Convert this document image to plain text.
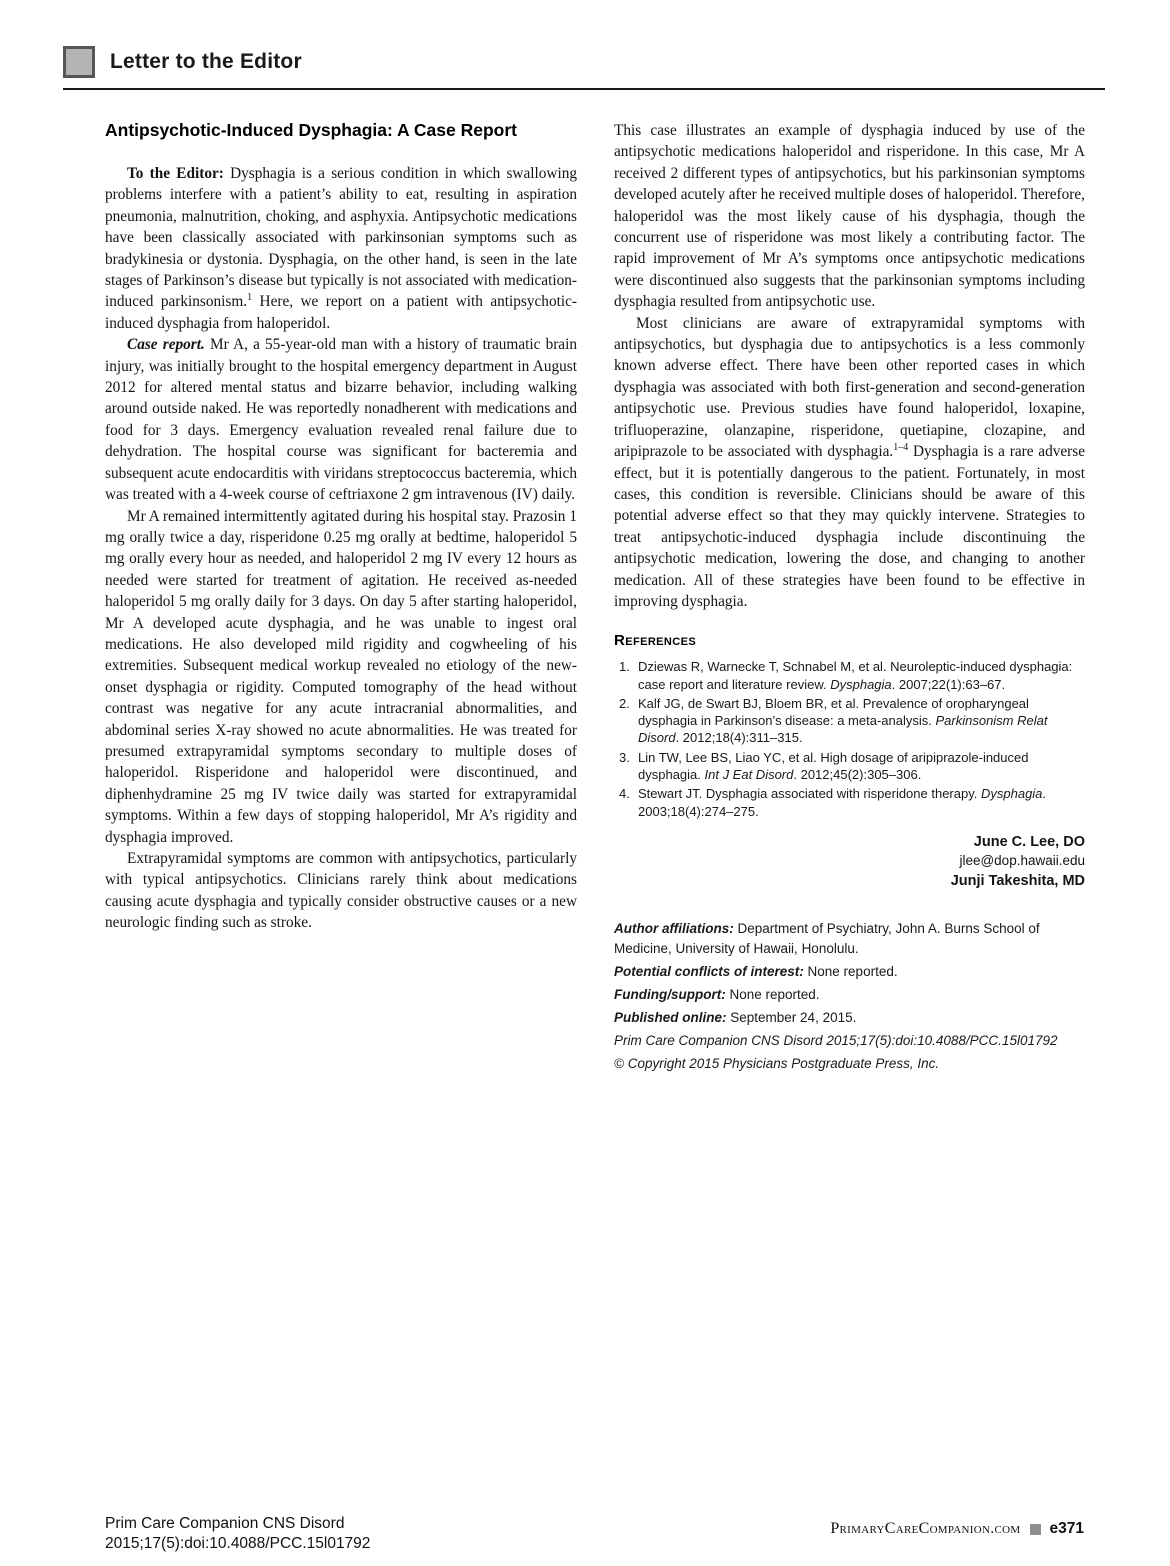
Letter to the Editor
Antipsychotic-Induced Dysphagia: A Case Report

To the Editor: Dysphagia is a serious condition in which swallowing problems interfere with a patient’s ability to eat, resulting in aspiration pneumonia, malnutrition, choking, and asphyxia. Antipsychotic medications have been classically associated with parkinsonian symptoms such as bradykinesia or dystonia. Dysphagia, on the other hand, is seen in the late stages of Parkinson’s disease but typically is not associated with medication-induced parkinsonism.$^1$ Here, we report on a patient with antipsychotic-induced dysphagia from haloperidol.

Case report. Mr A, a 55-year-old man with a history of traumatic brain injury, was initially brought to the hospital emergency department in August 2012 for altered mental status and bizarre behavior, including walking around outside naked. He was reportedly nonadherent with medications and food for 3 days. Emergency evaluation revealed renal failure due to dehydration. The hospital course was significant for bacteremia and subsequent acute endocarditis with viridans streptococcus bacteremia, which was treated with a 4-week course of ceftriaxone 2 gm intravenous (IV) daily.

Mr A remained intermittently agitated during his hospital stay. Prazosin 1 mg orally twice a day, risperidone 0.25 mg orally at bedtime, haloperidol 5 mg orally every hour as needed, and haloperidol 2 mg IV every 12 hours as needed were started for treatment of agitation. He received as-needed haloperidol 5 mg orally daily for 3 days. On day 5 after starting haloperidol, Mr A developed acute dysphagia, and he was unable to ingest oral medications. He also developed mild rigidity and cogwheeling of his extremities. Subsequent medical workup revealed no etiology of the new-onset dysphagia or rigidity. Computed tomography of the head without contrast was negative for any acute intracranial abnormalities, and abdominal series X-ray showed no acute abnormalities. He was treated for presumed extrapyramidal symptoms secondary to multiple doses of haloperidol. Risperidone and haloperidol were discontinued, and diphenhydramine 25 mg IV twice daily was started for extrapyramidal symptoms. Within a few days of stopping haloperidol, Mr A’s rigidity and dysphagia improved.

Extrapyramidal symptoms are common with antipsychotics, particularly with typical antipsychotics. Clinicians rarely think about medications causing acute dysphagia and typically consider obstructive causes or a new neurologic finding such as stroke.

This case illustrates an example of dysphagia induced by use of the antipsychotic medications haloperidol and risperidone. In this case, Mr A received 2 different types of antipsychotics, but his parkinsonian symptoms developed acutely after he received multiple doses of haloperidol. Therefore, haloperidol was the most likely cause of his dysphagia, though the concurrent use of risperidone was most likely a contributing factor. The rapid improvement of Mr A’s symptoms once antipsychotic medications were discontinued also suggests that the parkinsonian symptoms including dysphagia resulted from antipsychotic use.

Most clinicians are aware of extrapyramidal symptoms with antipsychotics, but dysphagia due to antipsychotics is a less commonly known adverse effect. There have been other reported cases in which dysphagia was associated with both first-generation and second-generation antipsychotic use. Previous studies have found haloperidol, loxapine, trifluoperazine, olanzapine, risperidone, quetiapine, clozapine, and aripiprazole to be associated with dysphagia.$^{1-4}$ Dysphagia is a rare adverse effect, but it is potentially dangerous to the patient. Fortunately, in most cases, this condition is reversible. Clinicians should be aware of this potential adverse effect so that they may quickly intervene. Strategies to treat antipsychotic-induced dysphagia include discontinuing the antipsychotic medication, lowering the dose, and changing to another medication. All of these strategies have been found to be effective in improving dysphagia.

References
1. Dziewas R, Warnecke T, Schnabel M, et al. Neuroleptic-induced dysphagia: case report and literature review. Dysphagia. 2007;22(1):63–67.
2. Kalf JG, de Swart BJ, Bloem BR, et al. Prevalence of oropharyngeal dysphagia in Parkinson’s disease: a meta-analysis. Parkinsonism Relat Disord. 2012;18(4):311–315.
3. Lin TW, Lee BS, Liao YC, et al. High dosage of aripiprazole-induced dysphagia. Int J Eat Disord. 2012;45(2):305–306.
4. Stewart JT. Dysphagia associated with risperidone therapy. Dysphagia. 2003;18(4):274–275.
June C. Lee, DO
jlee@dop.hawaii.edu
Junji Takeshita, MD

Author affiliations: Department of Psychiatry, John A. Burns School of Medicine, University of Hawaii, Honolulu.

Potential conflicts of interest: None reported.

Funding/support: None reported.

Published online: September 24, 2015.

Prim Care Companion CNS Disord 2015;17(5):doi:10.4088/PCC.15l01792

© Copyright 2015 Physicians Postgraduate Press, Inc.

Prim Care Companion CNS Disord
2015;17(5):doi:10.4088/PCC.15l01792
PrimaryCareCompanion.com e371
